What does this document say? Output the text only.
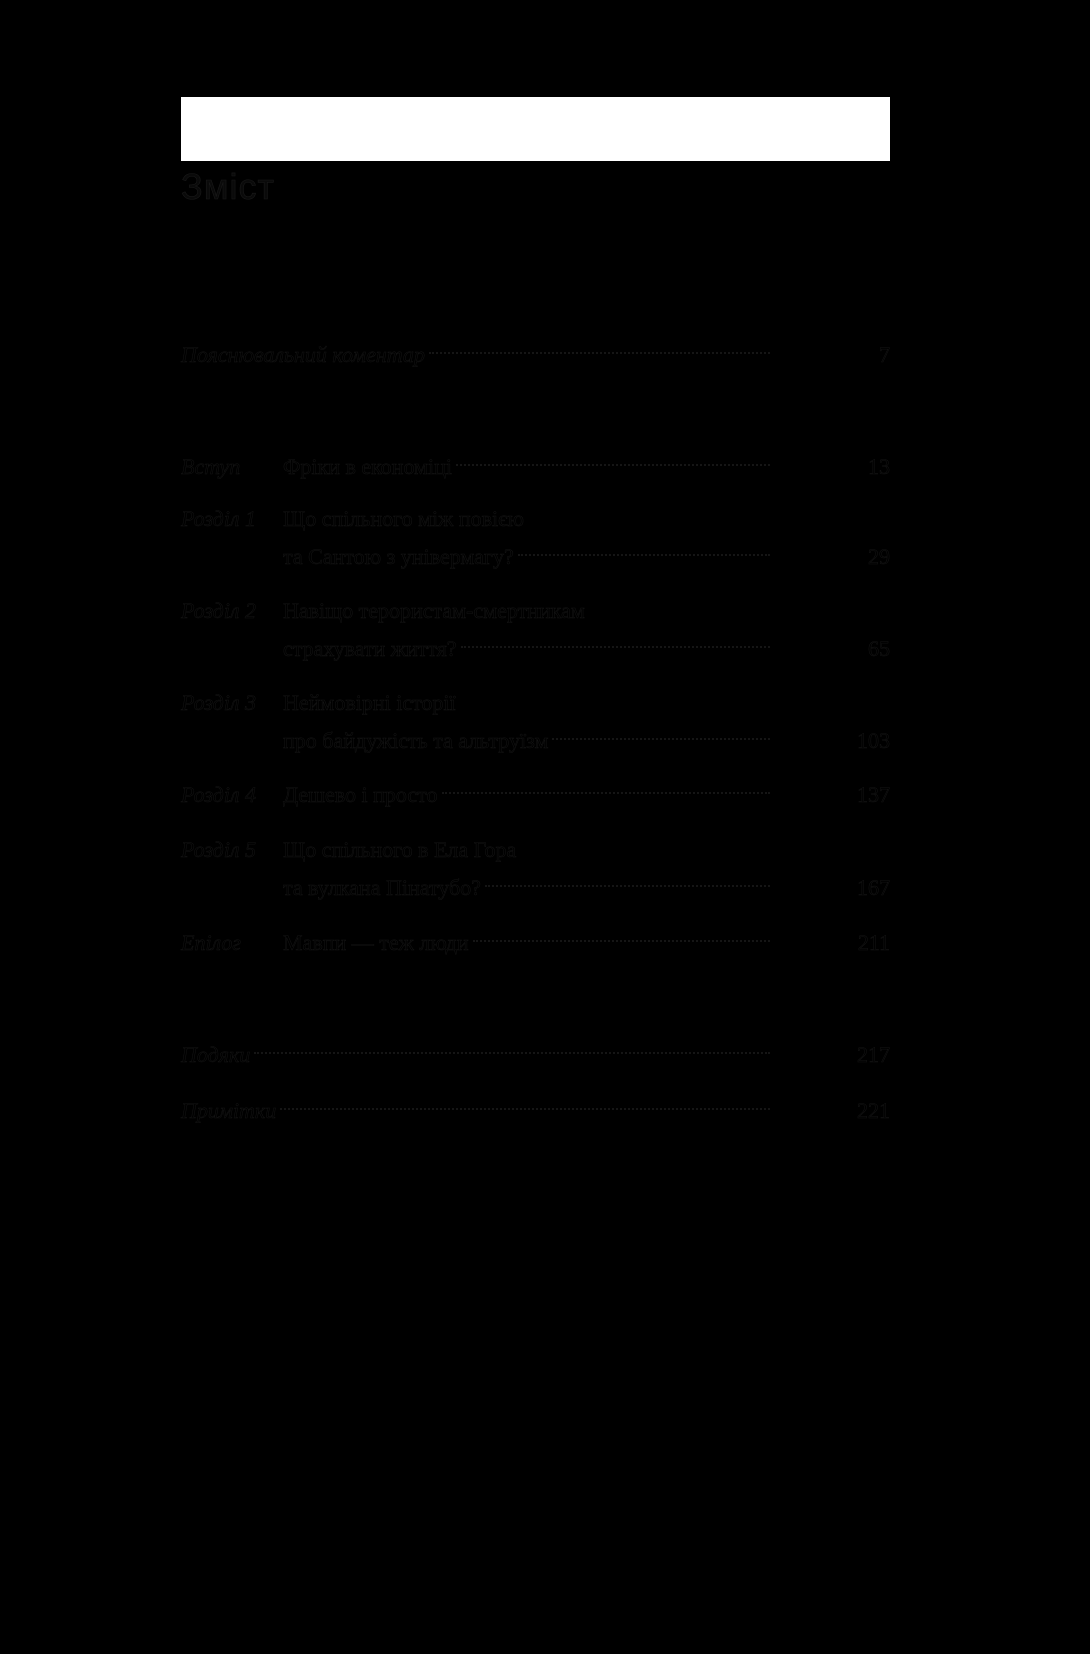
Зміст
Пояснювальний коментар	7
Вступ Фріки в економіці	13
Розділ 1 Що спільного між повією
та Сантою з універмагу?	29
Розділ 2 Навіщо терористам-смертникам
страхувати життя?	65
Розділ 3 Неймовірні історії
про байдужість та альтруїзм	103
Розділ 4 Дешево і просто	137
Розділ 5 Що спільного в Ела Гора
та вулкана Пінатубо?	167
Епілог Мавпи — теж люди	211
Подяки	217
Примітки	221
